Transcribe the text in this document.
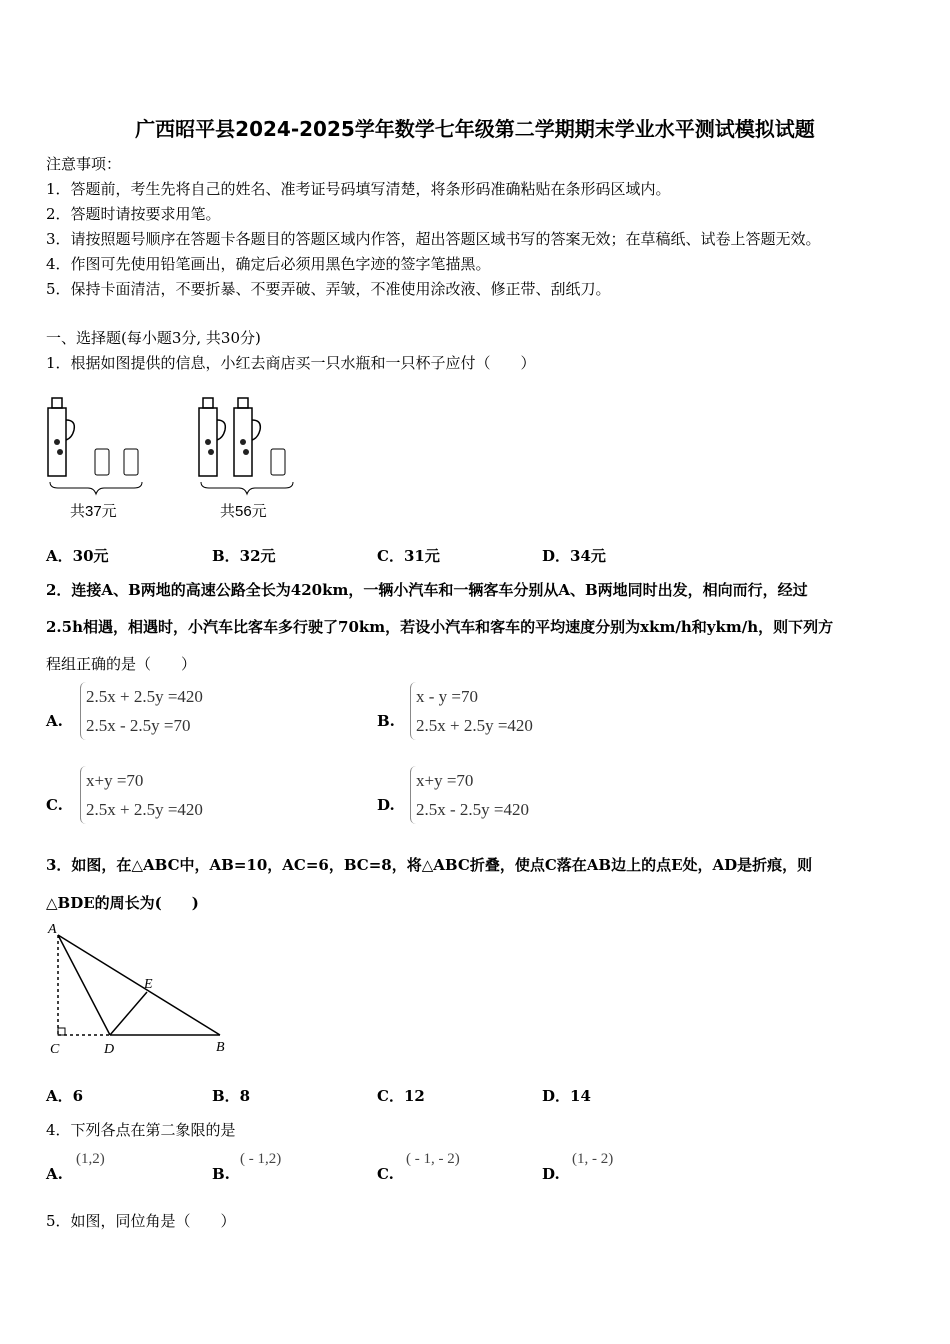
广西昭平县2024-2025学年数学七年级第二学期期末学业水平测试模拟试题
注意事项：
1．答题前，考生先将自己的姓名、准考证号码填写清楚，将条形码准确粘贴在条形码区域内。
2．答题时请按要求用笔。
3．请按照题号顺序在答题卡各题目的答题区域内作答，超出答题区域书写的答案无效；在草稿纸、试卷上答题无效。
4．作图可先使用铅笔画出，确定后必须用黑色字迹的签字笔描黑。
5．保持卡面清洁，不要折暴、不要弄破、弄皱，不准使用涂改液、修正带、刮纸刀。
一、选择题(每小题3分, 共30分)
1．根据如图提供的信息，小红去商店买一只水瓶和一只杯子应付（　　）
共37元	共56元
A．30元	B．32元	C．31元	D．34元
2．连接A、B两地的高速公路全长为420km，一辆小汽车和一辆客车分别从A、B两地同时出发，相向而行，经过
2.5h相遇，相遇时，小汽车比客车多行驶了70km，若设小汽车和客车的平均速度分别为xkm/h和ykm/h，则下列方
程组正确的是（　　）
A.
2.5x + 2.5y =420
2.5x - 2.5y =70	B.
x - y =70
2.5x + 2.5y =420
C.
x+y =70
2.5x + 2.5y =420	D.
x+y =70
2.5x - 2.5y =420
3．如图，在△ABC中，AB=10，AC=6，BC=8，将△ABC折叠，使点C落在AB边上的点E处，AD是折痕，则
△BDE的周长为(　　)
A
C	D	B
E
A．6	B．8	C．12	D．14
4．下列各点在第二象限的是
A.
(1,2)
B.
( - 1,2)
C.
( - 1, - 2)
D.
(1, - 2)
5．如图，同位角是（　　）
